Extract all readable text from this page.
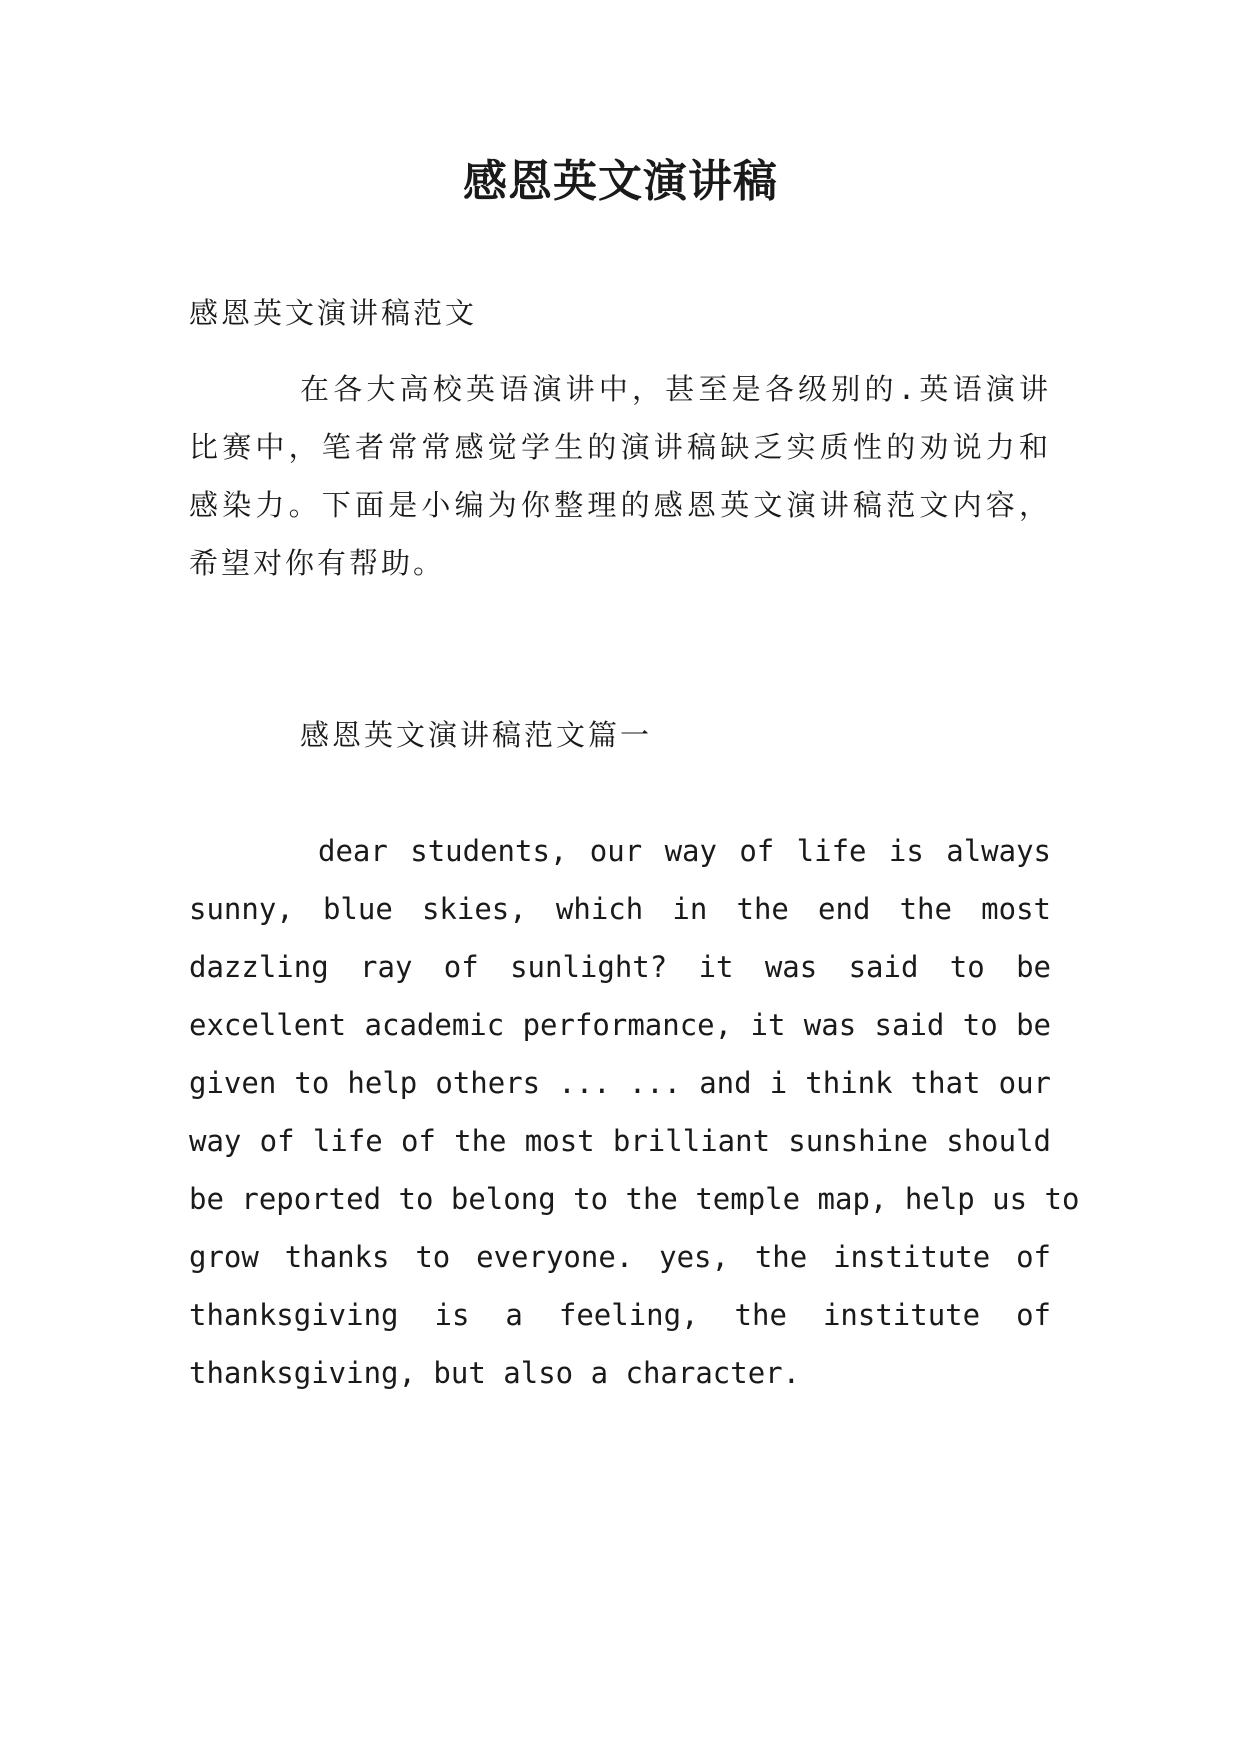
感恩英文演讲稿

感恩英文演讲稿范文

在各大高校英语演讲中，甚至是各级别的.英语演讲

比赛中，笔者常常感觉学生的演讲稿缺乏实质性的劝说力和

感染力。下面是小编为你整理的感恩英文演讲稿范文内容，

希望对你有帮助。

感恩英文演讲稿范文篇一

dear students, our way of life is always

sunny, blue skies, which in the end the most

dazzling ray of sunlight? it was said to be

excellent academic performance, it was said to be

given to help others ... ... and i think that our

way of life of the most brilliant sunshine should

be reported to belong to the temple map, help us to

grow thanks to everyone. yes, the institute of

thanksgiving is a feeling, the institute of

thanksgiving, but also a character.
